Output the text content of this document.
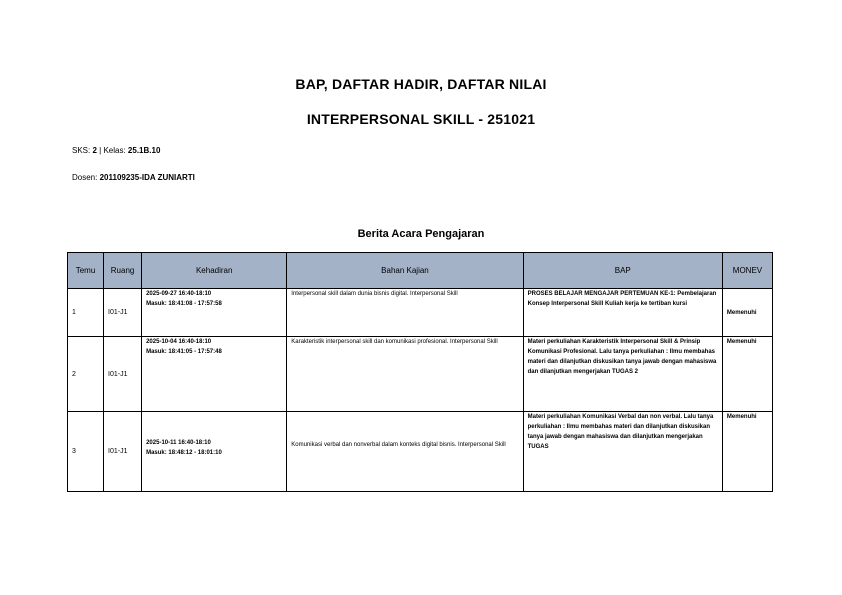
BAP, DAFTAR HADIR, DAFTAR NILAI
INTERPERSONAL SKILL - 251021
SKS: 2 | Kelas: 25.1B.10
Dosen: 201109235-IDA ZUNIARTI
Berita Acara Pengajaran
Temu	Ruang	Kehadiran	Bahan Kajian	BAP	MONEV

1	I01-J1	2025-09-27 16:40-18:10
Masuk: 18:41:08 - 17:57:58	Interpersonal skill dalam dunia bisnis digital. Interpersonal Skill	PROSES BELAJAR MENGAJAR PERTEMUAN KE-1: Pembelajaran Konsep Interpersonal Skill Kuliah kerja ke tertiban kursi	Memenuhi

2	I01-J1	2025-10-04 16:40-18:10
Masuk: 18:41:05 - 17:57:48	Karakteristik interpersonal skill dan komunikasi profesional. Interpersonal Skill	Materi perkuliahan Karakteristik Interpersonal Skill & Prinsip Komunikasi Profesional. Lalu tanya perkuliahan : Ilmu membahas materi dan dilanjutkan diskusikan tanya jawab dengan mahasiswa dan dilanjutkan mengerjakan TUGAS 2	Memenuhi

3	I01-J1	2025-10-11 16:40-18:10
Masuk: 18:48:12 - 18:01:10	Komunikasi verbal dan nonverbal dalam konteks digital bisnis. Interpersonal Skill	Materi perkuliahan Komunikasi Verbal dan non verbal. Lalu tanya perkuliahan : Ilmu membahas materi dan dilanjutkan diskusikan tanya jawab dengan mahasiswa dan dilanjutkan mengerjakan TUGAS	Memenuhi
